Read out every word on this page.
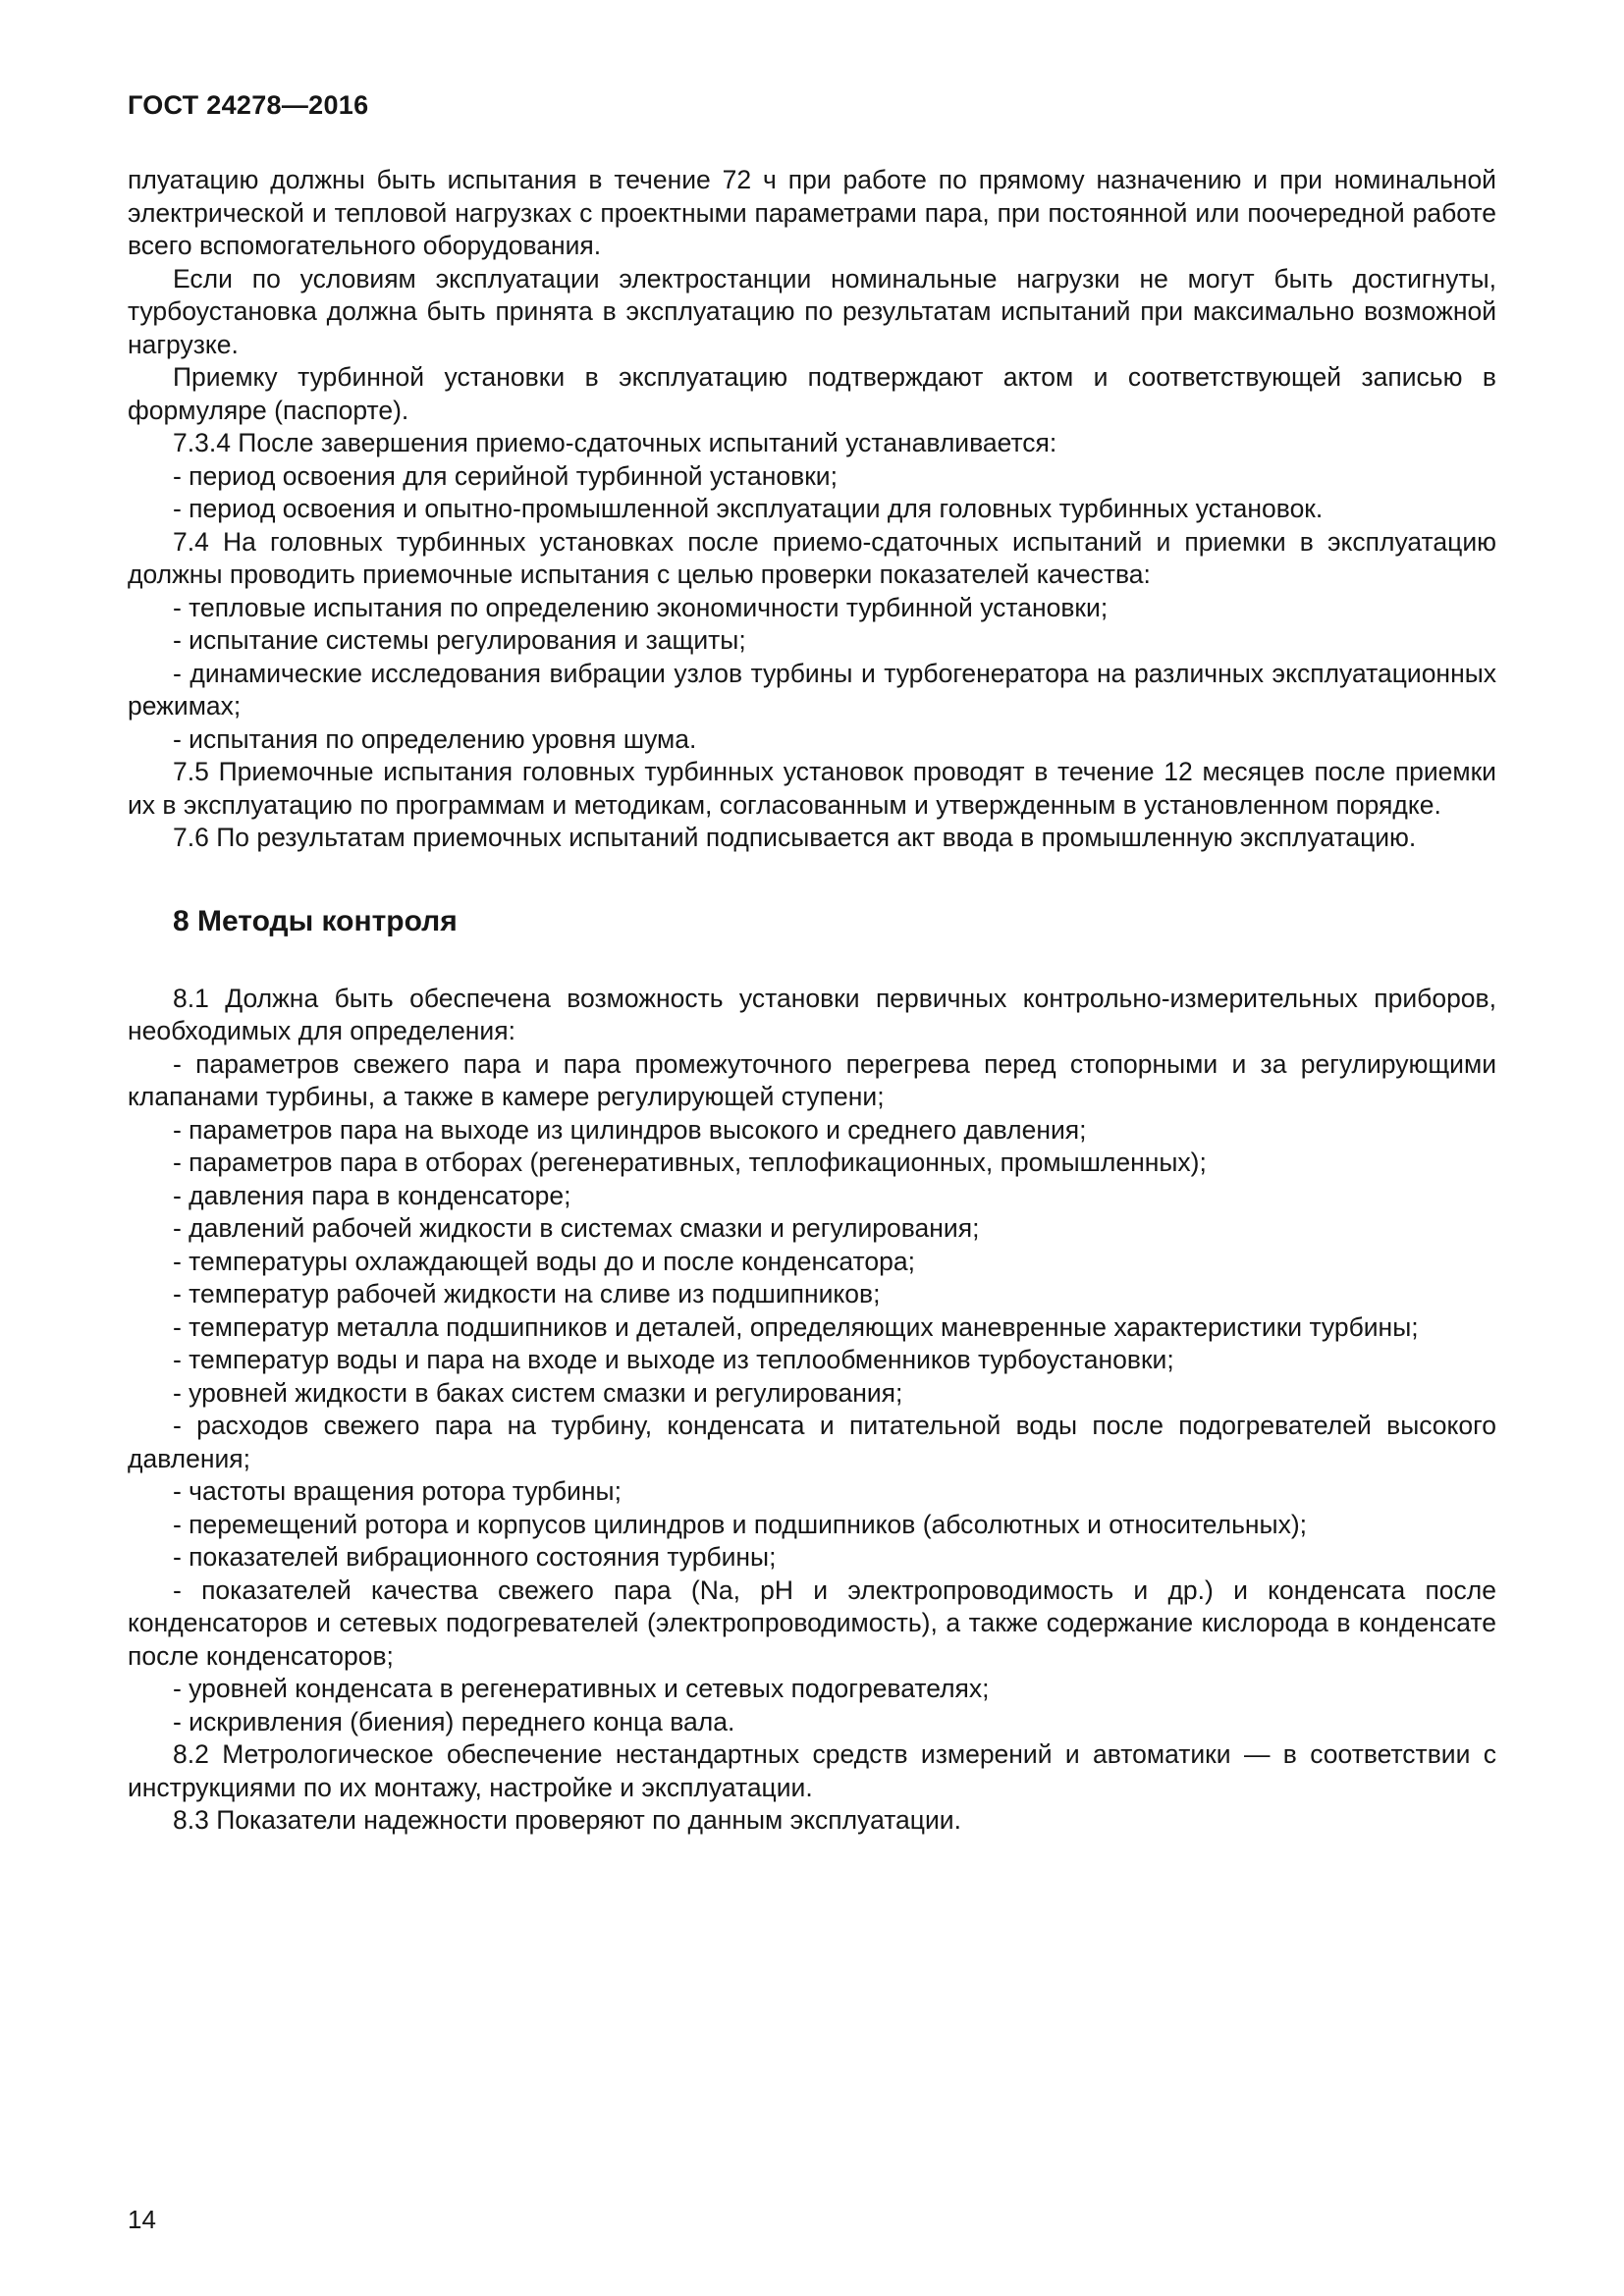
ГОСТ 24278—2016

плуатацию должны быть испытания в течение 72 ч при работе по прямому назначению и при номинальной электрической и тепловой нагрузках с проектными параметрами пара, при постоянной или поочередной работе всего вспомогательного оборудования.

Если по условиям эксплуатации электростанции номинальные нагрузки не могут быть достигнуты, турбоустановка должна быть принята в эксплуатацию по результатам испытаний при максимально возможной нагрузке.

Приемку турбинной установки в эксплуатацию подтверждают актом и соответствующей записью в формуляре (паспорте).

7.3.4 После завершения приемо-сдаточных испытаний устанавливается:

- период освоения для серийной турбинной установки;

- период освоения и опытно-промышленной эксплуатации для головных турбинных установок.

7.4 На головных турбинных установках после приемо-сдаточных испытаний и приемки в эксплуатацию должны проводить приемочные испытания с целью проверки показателей качества:

- тепловые испытания по определению экономичности турбинной установки;

- испытание системы регулирования и защиты;

- динамические исследования вибрации узлов турбины и турбогенератора на различных эксплуатационных режимах;

- испытания по определению уровня шума.

7.5 Приемочные испытания головных турбинных установок проводят в течение 12 месяцев после приемки их в эксплуатацию по программам и методикам, согласованным и утвержденным в установленном порядке.

7.6 По результатам приемочных испытаний подписывается акт ввода в промышленную эксплуатацию.

8 Методы контроля

8.1 Должна быть обеспечена возможность установки первичных контрольно-измерительных приборов, необходимых для определения:

- параметров свежего пара и пара промежуточного перегрева перед стопорными и за регулирующими клапанами турбины, а также в камере регулирующей ступени;

- параметров пара на выходе из цилиндров высокого и среднего давления;

- параметров пара в отборах (регенеративных, теплофикационных, промышленных);

- давления пара в конденсаторе;

- давлений рабочей жидкости в системах смазки и регулирования;

- температуры охлаждающей воды до и после конденсатора;

- температур рабочей жидкости на сливе из подшипников;

- температур металла подшипников и деталей, определяющих маневренные характеристики турбины;

- температур воды и пара на входе и выходе из теплообменников турбоустановки;

- уровней жидкости в баках систем смазки и регулирования;

- расходов свежего пара на турбину, конденсата и питательной воды после подогревателей высокого давления;

- частоты вращения ротора турбины;

- перемещений ротора и корпусов цилиндров и подшипников (абсолютных и относительных);

- показателей вибрационного состояния турбины;

- показателей качества свежего пара (Na, pH и электропроводимость и др.) и конденсата после конденсаторов и сетевых подогревателей (электропроводимость), а также содержание кислорода в конденсате после конденсаторов;

- уровней конденсата в регенеративных и сетевых подогревателях;

- искривления (биения) переднего конца вала.

8.2 Метрологическое обеспечение нестандартных средств измерений и автоматики — в соответствии с инструкциями по их монтажу, настройке и эксплуатации.

8.3 Показатели надежности проверяют по данным эксплуатации.

14
